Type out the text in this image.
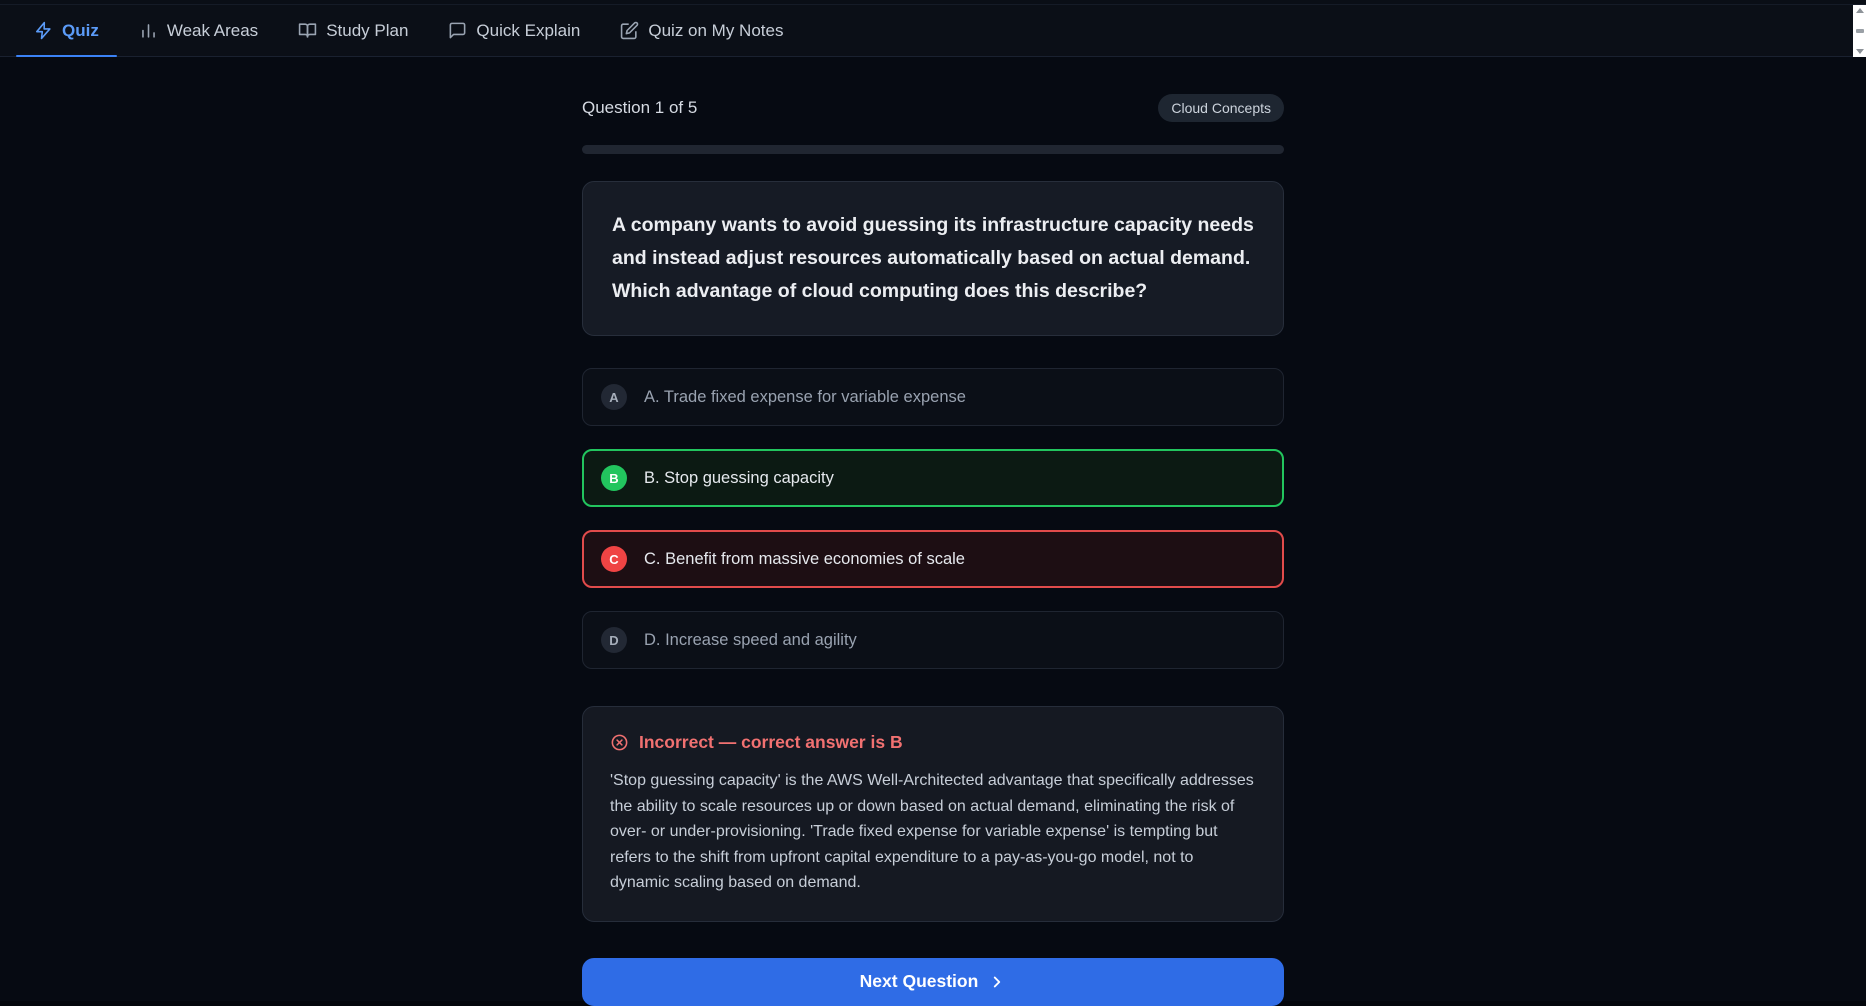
Quiz	Weak Areas	Study Plan	Quick Explain	Quiz on My Notes
Question 1 of 5	Cloud Concepts
A company wants to avoid guessing its infrastructure capacity needs and instead adjust resources automatically based on actual demand. Which advantage of cloud computing does this describe?
A	A. Trade fixed expense for variable expense
B	B. Stop guessing capacity
C	C. Benefit from massive economies of scale
D	D. Increase speed and agility
Incorrect — correct answer is B
'Stop guessing capacity' is the AWS Well-Architected advantage that specifically addresses the ability to scale resources up or down based on actual demand, eliminating the risk of over- or under-provisioning. 'Trade fixed expense for variable expense' is tempting but refers to the shift from upfront capital expenditure to a pay-as-you-go model, not to dynamic scaling based on demand.
Next Question
